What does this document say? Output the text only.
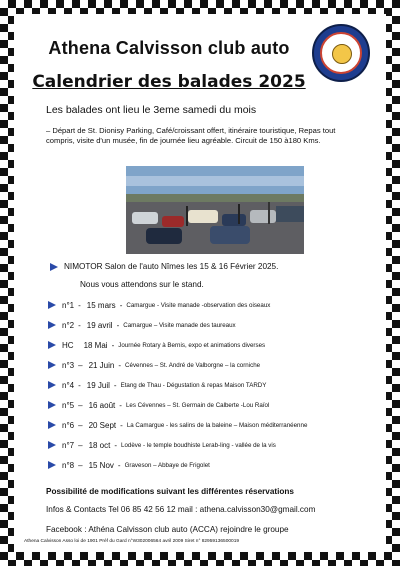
Athena Calvisson club auto
Calendrier des balades 2025
Les balades ont lieu le 3eme samedi du mois
– Départ de St. Dionisy Parking, Café/croissant offert, itinéraire touristique, Repas tout compris, visite d'un musée, fin de journée lieu agréable. Circuit de 150 à180 Kms.
NIMOTOR Salon de l'auto Nîmes les 15 & 16 Février 2025.
Nous vous attendons sur le stand.
n°1 - 15 mars - Camargue - Visite manade -observation des oiseaux
n°2 - 19 avril - Camargue – Visite manade des taureaux
HC 18 Mai - Journée Rotary à Bernis, expo et animations diverses
n°3 – 21 Juin - Cévennes – St. André de Valborgne – la corniche
n°4 - 19 Juil - Etang de Thau - Dégustation & repas Maison TARDY
n°5 – 16 août - Les Cévennes – St. Germain de Calberte -Lou Raïol
n°6 – 20 Sept - La Camargue - les salins de la baleine – Maison méditerranéenne
n°7 – 18 oct - Lodève - le temple boudhiste Lerab-ling - vallée de la vis
n°8 – 15 Nov - Graveson – Abbaye de Frigolet
Possibilité de modifications suivant les différentes réservations
Infos & Contacts Tel 06 85 42 56 12 mail : athena.calvisson30@gmail.com
Facebook : Athéna Calvisson club auto (ACCA) rejoindre le groupe
Athena Calvisson Asso loi de 1901 Préf du Gard n°W302006564 avril 2009 Siret n° 82959136500019
